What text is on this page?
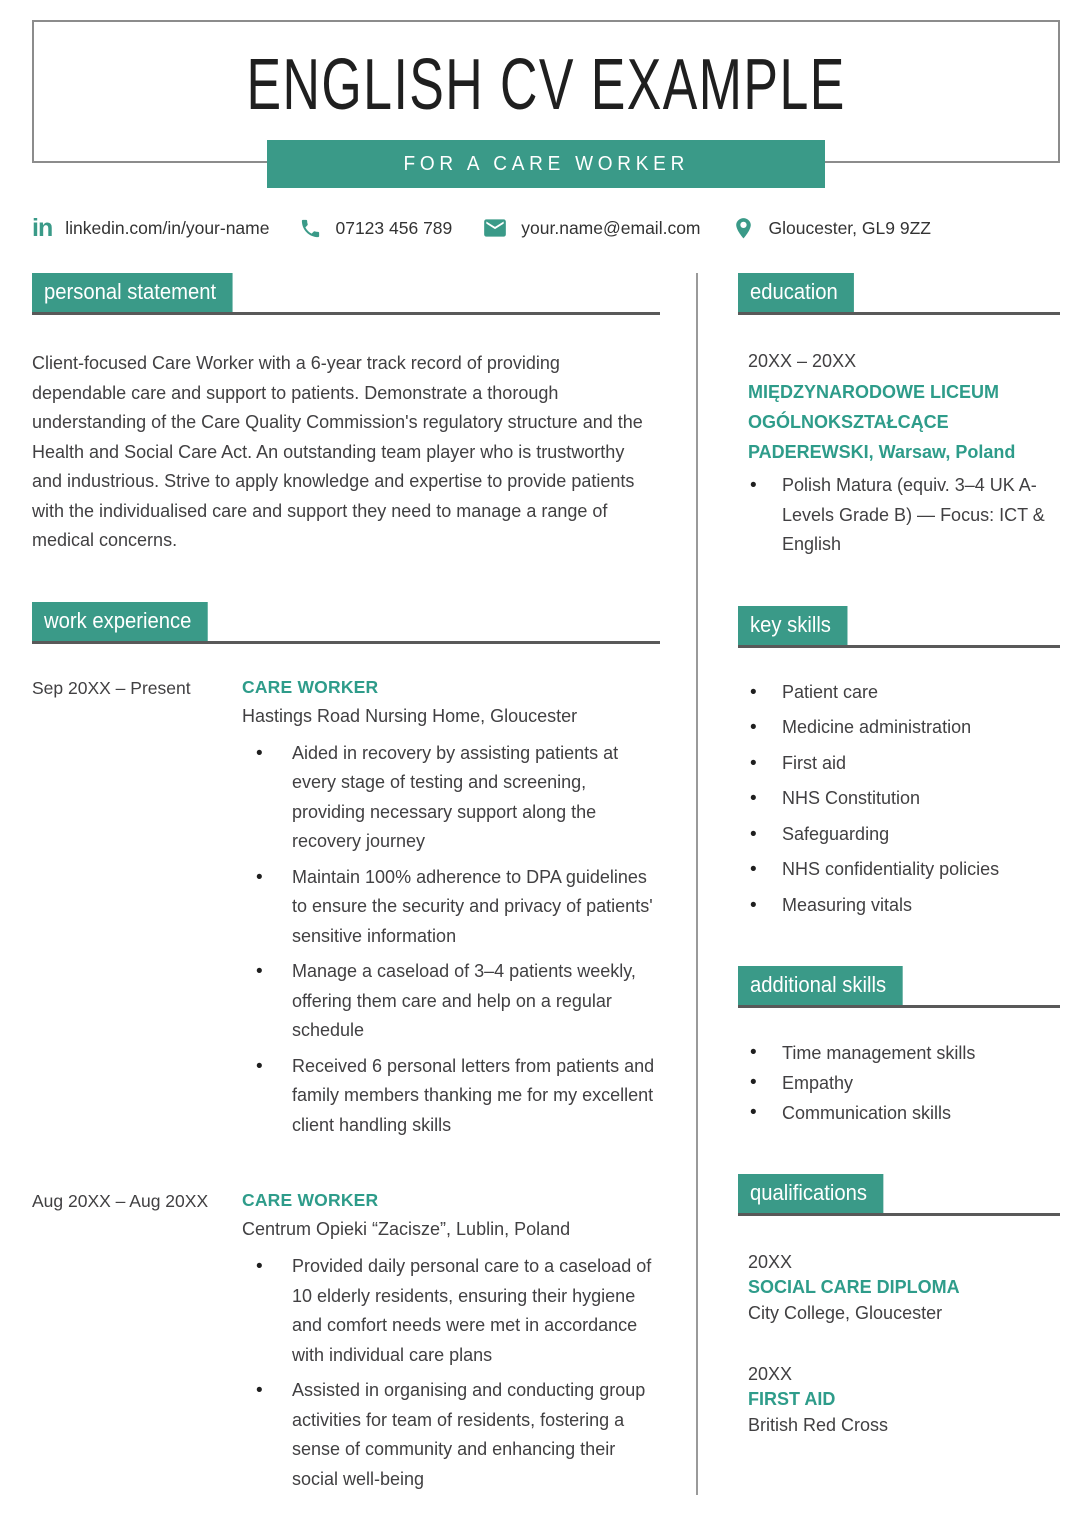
ENGLISH CV EXAMPLE
FOR A CARE WORKER
in linkedin.com/in/your-name	07123 456 789	your.name@email.com	Gloucester, GL9 9ZZ
personal statement

Client-focused Care Worker with a 6-year track record of providing dependable care and support to patients. Demonstrate a thorough understanding of the Care Quality Commission's regulatory structure and the Health and Social Care Act. An outstanding team player who is trustworthy and industrious. Strive to apply knowledge and expertise to provide patients with the individualised care and support they need to manage a range of medical concerns.

work experience
Sep 20XX – Present	CARE WORKER
Hastings Road Nursing Home, Gloucester
• Aided in recovery by assisting patients at every stage of testing and screening, providing necessary support along the recovery journey
• Maintain 100% adherence to DPA guidelines to ensure the security and privacy of patients' sensitive information
• Manage a caseload of 3–4 patients weekly, offering them care and help on a regular schedule
• Received 6 personal letters from patients and family members thanking me for my excellent client handling skills
Aug 20XX – Aug 20XX	CARE WORKER
Centrum Opieki “Zacisze”, Lublin, Poland
• Provided daily personal care to a caseload of 10 elderly residents, ensuring their hygiene and comfort needs were met in accordance with individual care plans
• Assisted in organising and conducting group activities for team of residents, fostering a sense of community and enhancing their social well-being
education
20XX – 20XX
MIĘDZYNARODOWE LICEUM OGÓLNOKSZTAŁCĄCE PADEREWSKI, Warsaw, Poland
• Polish Matura (equiv. 3–4 UK A-Levels Grade B) — Focus: ICT & English
key skills
• Patient care
• Medicine administration
• First aid
• NHS Constitution
• Safeguarding
• NHS confidentiality policies
• Measuring vitals
additional skills
• Time management skills
• Empathy
• Communication skills
qualifications
20XX
SOCIAL CARE DIPLOMA
City College, Gloucester
20XX
FIRST AID
British Red Cross
